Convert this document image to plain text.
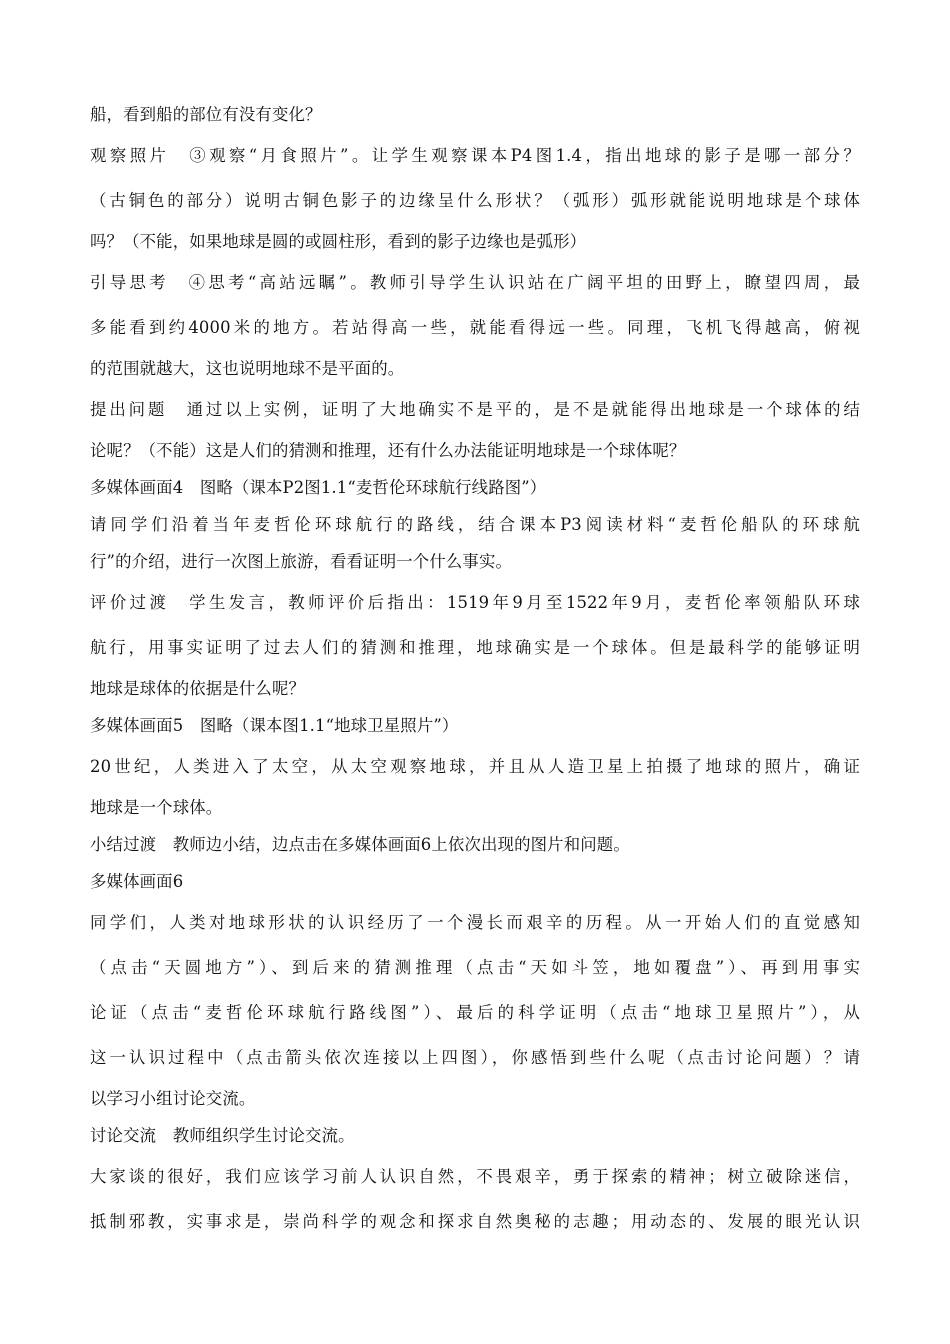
船，看到船的部位有没有变化？
观察照片　③观察“月食照片”。让学生观察课本P4图1.4，指出地球的影子是哪一部分？
（古铜色的部分）说明古铜色影子的边缘呈什么形状？（弧形）弧形就能说明地球是个球体
吗？（不能，如果地球是圆的或圆柱形，看到的影子边缘也是弧形）
引导思考　④思考“高站远瞩”。教师引导学生认识站在广阔平坦的田野上，瞭望四周，最
多能看到约4000米的地方。若站得高一些，就能看得远一些。同理，飞机飞得越高，俯视
的范围就越大，这也说明地球不是平面的。
提出问题　通过以上实例，证明了大地确实不是平的，是不是就能得出地球是一个球体的结
论呢？（不能）这是人们的猜测和推理，还有什么办法能证明地球是一个球体呢？
多媒体画面4　图略（课本P2图1.1“麦哲伦环球航行线路图”）
请同学们沿着当年麦哲伦环球航行的路线，结合课本P3阅读材料“麦哲伦船队的环球航
行”的介绍，进行一次图上旅游，看看证明一个什么事实。
评价过渡　学生发言，教师评价后指出：1519年9月至1522年9月，麦哲伦率领船队环球
航行，用事实证明了过去人们的猜测和推理，地球确实是一个球体。但是最科学的能够证明
地球是球体的依据是什么呢？
多媒体画面5　图略（课本图1.1“地球卫星照片”）
20世纪，人类进入了太空，从太空观察地球，并且从人造卫星上拍摄了地球的照片，确证
地球是一个球体。
小结过渡　教师边小结，边点击在多媒体画面6上依次出现的图片和问题。
多媒体画面6
同学们，人类对地球形状的认识经历了一个漫长而艰辛的历程。从一开始人们的直觉感知
（点击“天圆地方”）、到后来的猜测推理（点击“天如斗笠，地如覆盘”）、再到用事实
论证（点击“麦哲伦环球航行路线图”）、最后的科学证明（点击“地球卫星照片”），从
这一认识过程中（点击箭头依次连接以上四图），你感悟到些什么呢（点击讨论问题）？请
以学习小组讨论交流。
讨论交流　教师组织学生讨论交流。
大家谈的很好，我们应该学习前人认识自然，不畏艰辛，勇于探索的精神；树立破除迷信，
抵制邪教，实事求是，崇尚科学的观念和探求自然奥秘的志趣；用动态的、发展的眼光认识
